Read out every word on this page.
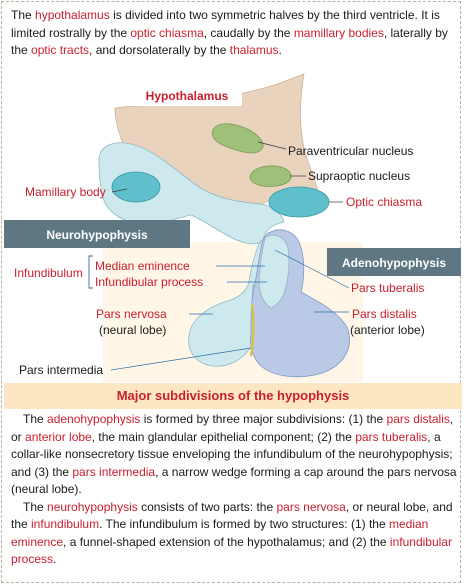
The hypothalamus is divided into two symmetric halves by the third ventricle. It is limited rostrally by the optic chiasma, caudally by the mamillary bodies, laterally by the optic tracts, and dorsolaterally by the thalamus.

Hypothalamus
Paraventricular nucleus
Supraoptic nucleus
Optic chiasma
Mamillary body
Neurohypophysis
Adenohypophysis
Infundibulum Median eminence
Infundibular process	Pars tuberalis
Pars nervosa
(neural lobe)
Pars distalis
(anterior lobe)
Pars intermedia
Major subdivisions of the hypophysis

The adenohypophysis is formed by three major subdivisions: (1) the pars distalis, or anterior lobe, the main glandular epithelial component; (2) the pars tuberalis, a collar-like nonsecretory tissue enveloping the infundibulum of the neurohypophysis; and (3) the pars intermedia, a narrow wedge forming a cap around the pars nervosa (neural lobe).

The neurohypophysis consists of two parts: the pars nervosa, or neural lobe, and the infundibulum. The infundibulum is formed by two structures: (1) the median eminence, a funnel-shaped extension of the hypothalamus; and (2) the infundibular process.
